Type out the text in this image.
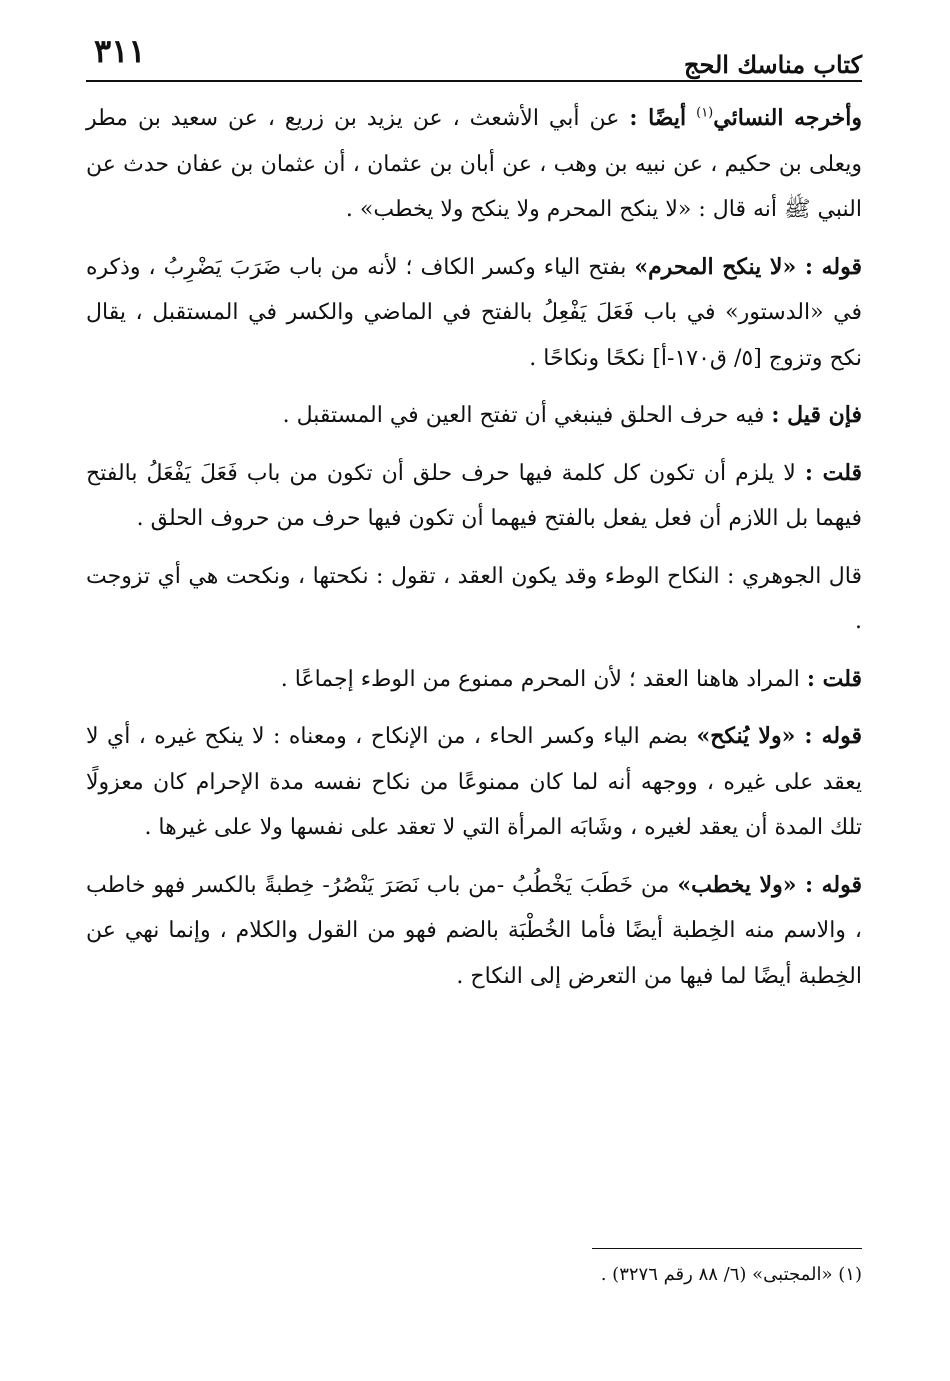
كتاب مناسك الحج
٣١١

وأخرجه النسائي$^{(١)}$ أيضًا : عن أبي الأشعث ، عن يزيد بن زريع ، عن سعيد بن مطر ويعلى بن حكيم ، عن نبيه بن وهب ، عن أبان بن عثمان ، أن عثمان بن عفان حدث عن النبي ﷺ أنه قال : «لا ينكح المحرم ولا ينكح ولا يخطب» .

قوله : «لا ينكح المحرم» بفتح الياء وكسر الكاف ؛ لأنه من باب ضَرَبَ يَضْرِبُ ، وذكره في «الدستور» في باب فَعَلَ يَفْعِلُ بالفتح في الماضي والكسر في المستقبل ، يقال نكح وتزوج [٥/ ق١٧٠-أ] نكحًا ونكاحًا .

فإن قيل : فيه حرف الحلق فينبغي أن تفتح العين في المستقبل .

قلت : لا يلزم أن تكون كل كلمة فيها حرف حلق أن تكون من باب فَعَلَ يَفْعَلُ بالفتح فيهما بل اللازم أن فعل يفعل بالفتح فيهما أن تكون فيها حرف من حروف الحلق .

قال الجوهري : النكاح الوطء وقد يكون العقد ، تقول : نكحتها ، ونكحت هي أي تزوجت .

قلت : المراد هاهنا العقد ؛ لأن المحرم ممنوع من الوطء إجماعًا .

قوله : «ولا يُنكح» بضم الياء وكسر الحاء ، من الإنكاح ، ومعناه : لا ينكح غيره ، أي لا يعقد على غيره ، ووجهه أنه لما كان ممنوعًا من نكاح نفسه مدة الإحرام كان معزولًا تلك المدة أن يعقد لغيره ، وشَابَه المرأة التي لا تعقد على نفسها ولا على غيرها .

قوله : «ولا يخطب» من خَطَبَ يَخْطُبُ -من باب نَصَرَ يَنْصُرُ- خِطبةً بالكسر فهو خاطب ، والاسم منه الخِطبة أيضًا فأما الخُطْبَة بالضم فهو من القول والكلام ، وإنما نهي عن الخِطبة أيضًا لما فيها من التعرض إلى النكاح .

(١) «المجتبى» (٦/ ٨٨ رقم ٣٢٧٦) .
